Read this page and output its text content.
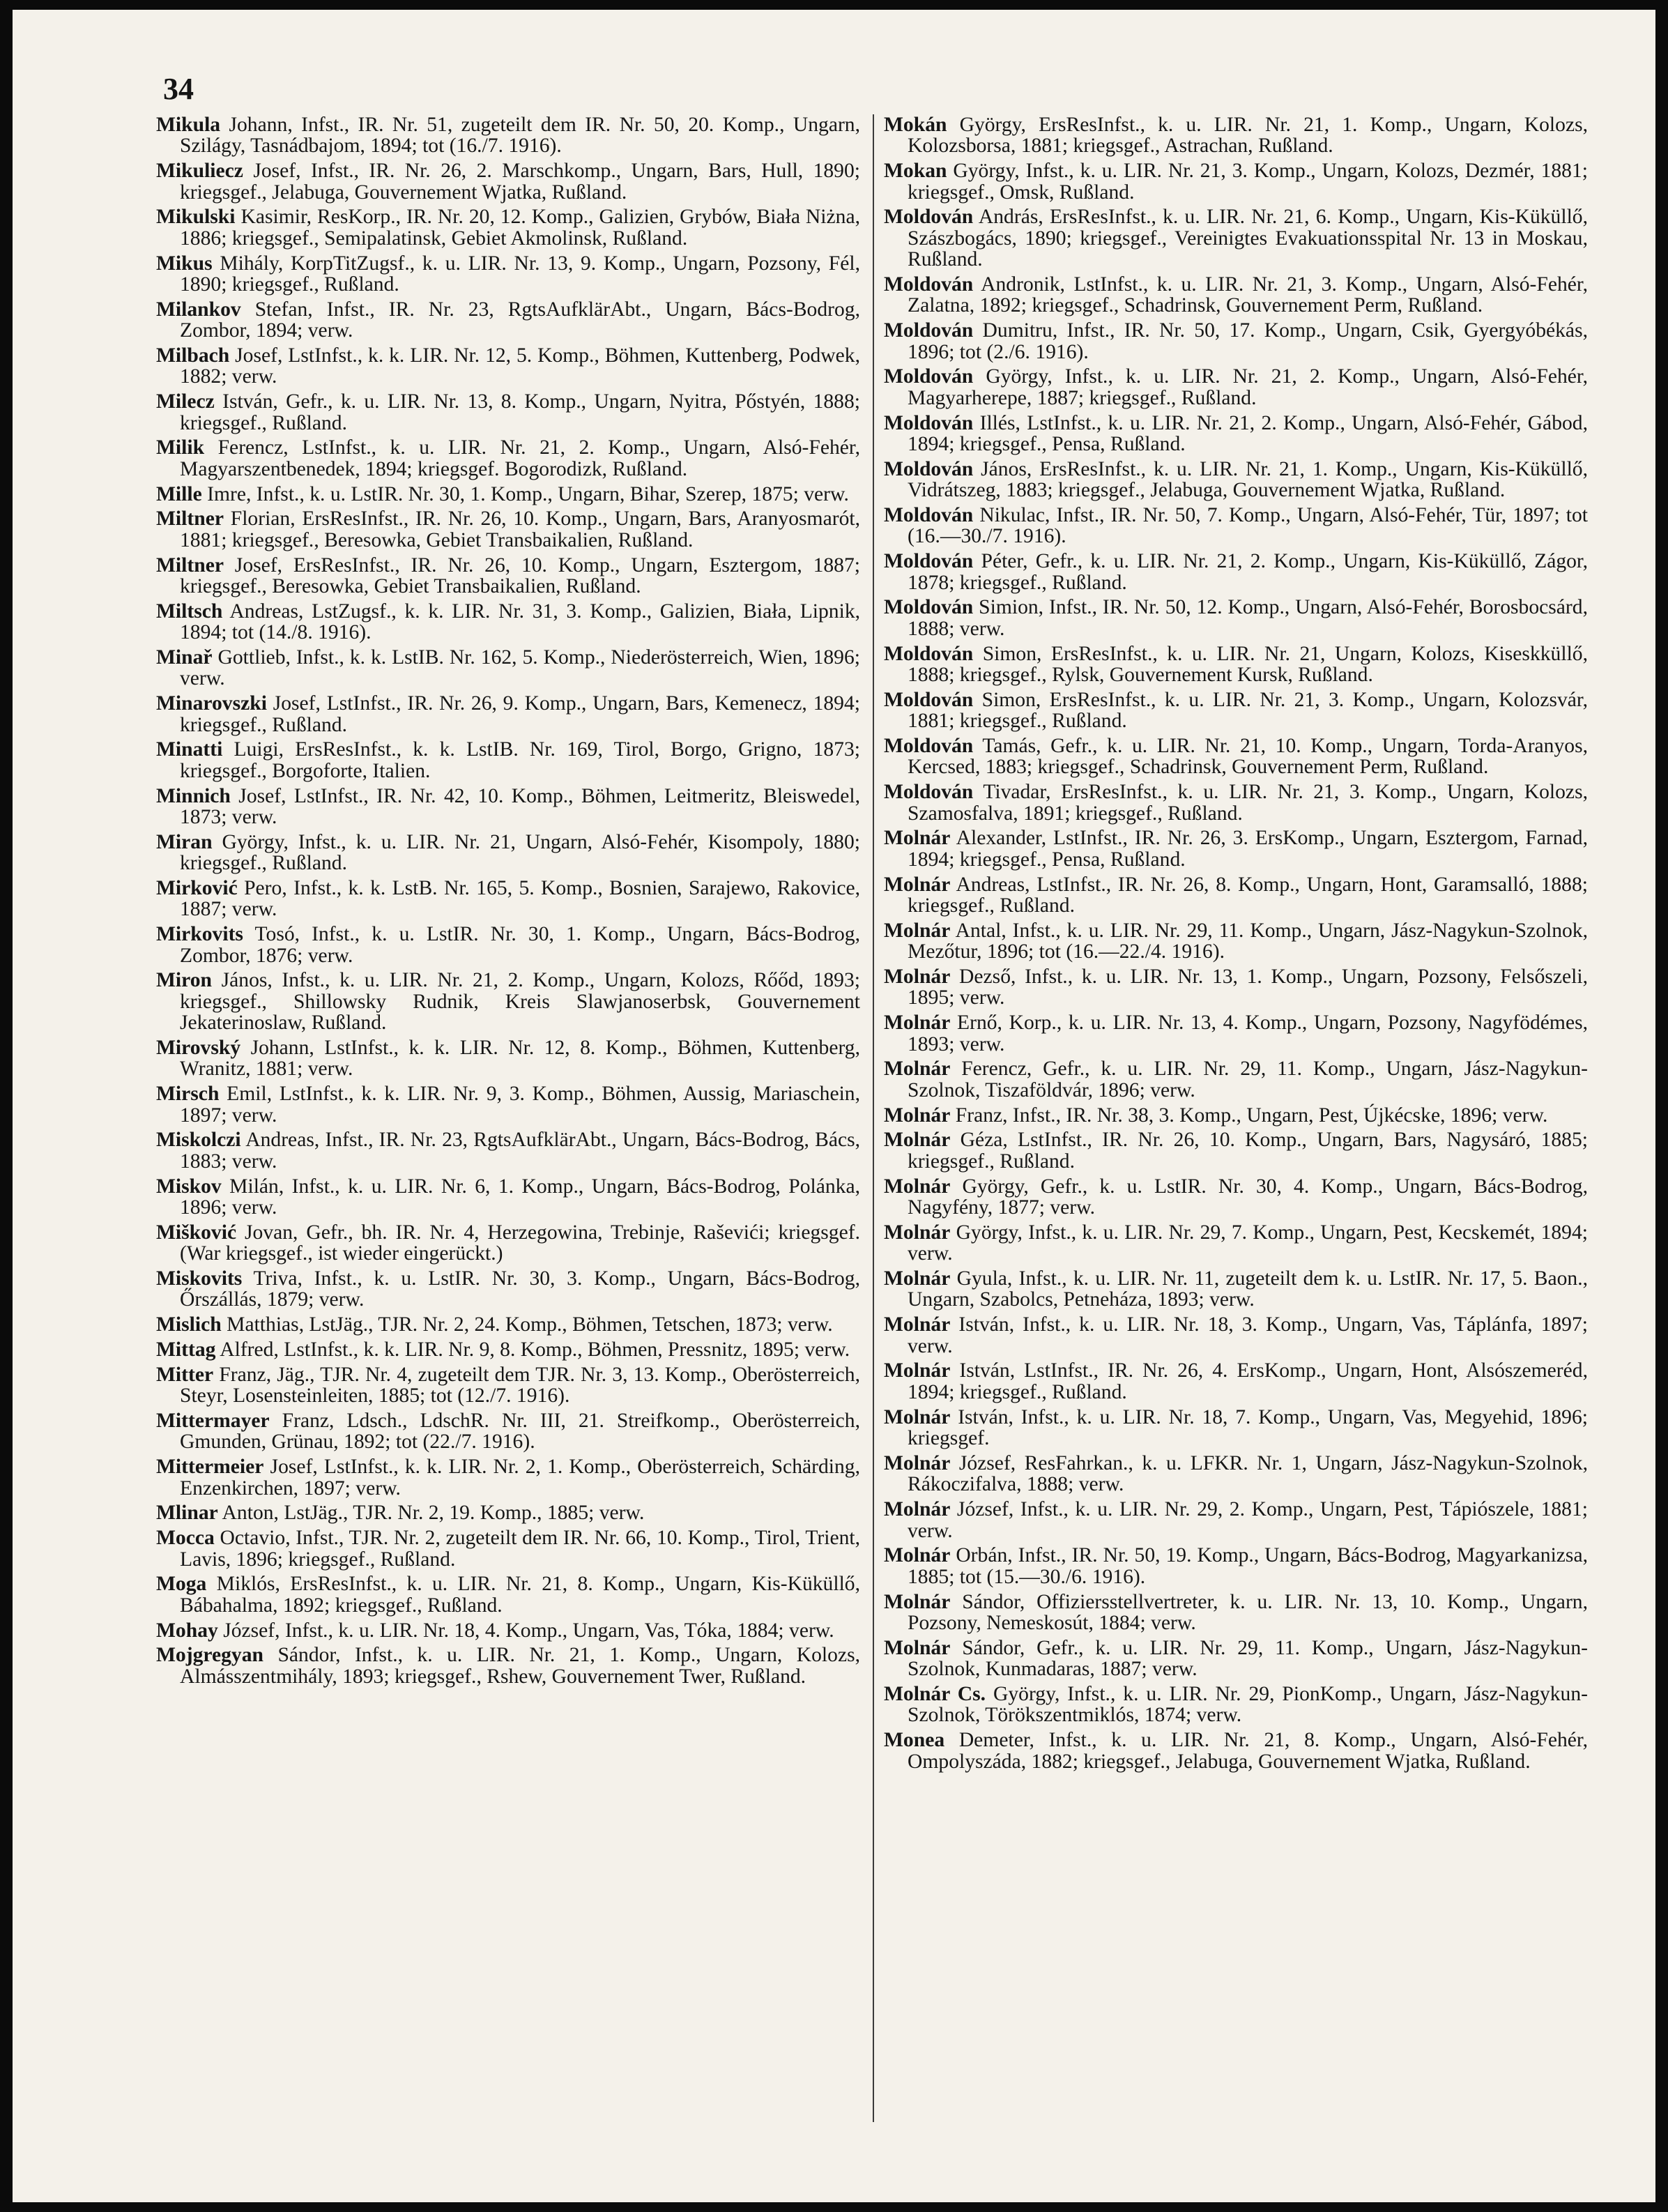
34

Mikula Johann, Infst., IR. Nr. 51, zugeteilt dem IR. Nr. 50, 20. Komp., Ungarn, Szilágy, Tasnádbajom, 1894; tot (16./7. 1916).

Mikuliecz Josef, Infst., IR. Nr. 26, 2. Marschkomp., Ungarn, Bars, Hull, 1890; kriegsgef., Jelabuga, Gouvernement Wjatka, Rußland.

Mikulski Kasimir, ResKorp., IR. Nr. 20, 12. Komp., Galizien, Grybów, Biała Niżna, 1886; kriegsgef., Semipalatinsk, Gebiet Akmolinsk, Rußland.

Mikus Mihály, KorpTitZugsf., k. u. LIR. Nr. 13, 9. Komp., Ungarn, Pozsony, Fél, 1890; kriegsgef., Rußland.

Milankov Stefan, Infst., IR. Nr. 23, RgtsAufklärAbt., Ungarn, Bács-Bodrog, Zombor, 1894; verw.

Milbach Josef, LstInfst., k. k. LIR. Nr. 12, 5. Komp., Böhmen, Kuttenberg, Podwek, 1882; verw.

Milecz István, Gefr., k. u. LIR. Nr. 13, 8. Komp., Ungarn, Nyitra, Pőstyén, 1888; kriegsgef., Rußland.

Milik Ferencz, LstInfst., k. u. LIR. Nr. 21, 2. Komp., Ungarn, Alsó-Fehér, Magyarszentbenedek, 1894; kriegsgef. Bogorodizk, Rußland.

Mille Imre, Infst., k. u. LstIR. Nr. 30, 1. Komp., Ungarn, Bihar, Szerep, 1875; verw.

Miltner Florian, ErsResInfst., IR. Nr. 26, 10. Komp., Ungarn, Bars, Aranyosmarót, 1881; kriegsgef., Beresowka, Gebiet Transbaikalien, Rußland.

Miltner Josef, ErsResInfst., IR. Nr. 26, 10. Komp., Ungarn, Esztergom, 1887; kriegsgef., Beresowka, Gebiet Transbaikalien, Rußland.

Miltsch Andreas, LstZugsf., k. k. LIR. Nr. 31, 3. Komp., Galizien, Biała, Lipnik, 1894; tot (14./8. 1916).

Minař Gottlieb, Infst., k. k. LstIB. Nr. 162, 5. Komp., Niederösterreich, Wien, 1896; verw.

Minarovszki Josef, LstInfst., IR. Nr. 26, 9. Komp., Ungarn, Bars, Kemenecz, 1894; kriegsgef., Rußland.

Minatti Luigi, ErsResInfst., k. k. LstIB. Nr. 169, Tirol, Borgo, Grigno, 1873; kriegsgef., Borgoforte, Italien.

Minnich Josef, LstInfst., IR. Nr. 42, 10. Komp., Böhmen, Leitmeritz, Bleiswedel, 1873; verw.

Miran György, Infst., k. u. LIR. Nr. 21, Ungarn, Alsó-Fehér, Kisompoly, 1880; kriegsgef., Rußland.

Mirković Pero, Infst., k. k. LstB. Nr. 165, 5. Komp., Bosnien, Sarajewo, Rakovice, 1887; verw.

Mirkovits Tosó, Infst., k. u. LstIR. Nr. 30, 1. Komp., Ungarn, Bács-Bodrog, Zombor, 1876; verw.

Miron János, Infst., k. u. LIR. Nr. 21, 2. Komp., Ungarn, Kolozs, Rőőd, 1893; kriegsgef., Shillowsky Rudnik, Kreis Slawjanoserbsk, Gouvernement Jekaterinoslaw, Rußland.

Mirovský Johann, LstInfst., k. k. LIR. Nr. 12, 8. Komp., Böhmen, Kuttenberg, Wranitz, 1881; verw.

Mirsch Emil, LstInfst., k. k. LIR. Nr. 9, 3. Komp., Böhmen, Aussig, Mariaschein, 1897; verw.

Miskolczi Andreas, Infst., IR. Nr. 23, RgtsAufklärAbt., Ungarn, Bács-Bodrog, Bács, 1883; verw.

Miskov Milán, Infst., k. u. LIR. Nr. 6, 1. Komp., Ungarn, Bács-Bodrog, Polánka, 1896; verw.

Mišković Jovan, Gefr., bh. IR. Nr. 4, Herzegowina, Trebinje, Raševići; kriegsgef. (War kriegsgef., ist wieder eingerückt.)

Miskovits Triva, Infst., k. u. LstIR. Nr. 30, 3. Komp., Ungarn, Bács-Bodrog, Őrszállás, 1879; verw.

Mislich Matthias, LstJäg., TJR. Nr. 2, 24. Komp., Böhmen, Tetschen, 1873; verw.

Mittag Alfred, LstInfst., k. k. LIR. Nr. 9, 8. Komp., Böhmen, Pressnitz, 1895; verw.

Mitter Franz, Jäg., TJR. Nr. 4, zugeteilt dem TJR. Nr. 3, 13. Komp., Oberösterreich, Steyr, Losensteinleiten, 1885; tot (12./7. 1916).

Mittermayer Franz, Ldsch., LdschR. Nr. III, 21. Streifkomp., Oberösterreich, Gmunden, Grünau, 1892; tot (22./7. 1916).

Mittermeier Josef, LstInfst., k. k. LIR. Nr. 2, 1. Komp., Oberösterreich, Schärding, Enzenkirchen, 1897; verw.

Mlinar Anton, LstJäg., TJR. Nr. 2, 19. Komp., 1885; verw.

Mocca Octavio, Infst., TJR. Nr. 2, zugeteilt dem IR. Nr. 66, 10. Komp., Tirol, Trient, Lavis, 1896; kriegsgef., Rußland.

Moga Miklós, ErsResInfst., k. u. LIR. Nr. 21, 8. Komp., Ungarn, Kis-Küküllő, Bábahalma, 1892; kriegsgef., Rußland.

Mohay József, Infst., k. u. LIR. Nr. 18, 4. Komp., Ungarn, Vas, Tóka, 1884; verw.

Mojgregyan Sándor, Infst., k. u. LIR. Nr. 21, 1. Komp., Ungarn, Kolozs, Almásszentmihály, 1893; kriegsgef., Rshew, Gouvernement Twer, Rußland.

Mokán György, ErsResInfst., k. u. LIR. Nr. 21, 1. Komp., Ungarn, Kolozs, Kolozsborsa, 1881; kriegsgef., Astrachan, Rußland.

Mokan György, Infst., k. u. LIR. Nr. 21, 3. Komp., Ungarn, Kolozs, Dezmér, 1881; kriegsgef., Omsk, Rußland.

Moldován András, ErsResInfst., k. u. LIR. Nr. 21, 6. Komp., Ungarn, Kis-Küküllő, Szászbogács, 1890; kriegsgef., Vereinigtes Evakuationsspital Nr. 13 in Moskau, Rußland.

Moldován Andronik, LstInfst., k. u. LIR. Nr. 21, 3. Komp., Ungarn, Alsó-Fehér, Zalatna, 1892; kriegsgef., Schadrinsk, Gouvernement Perm, Rußland.

Moldován Dumitru, Infst., IR. Nr. 50, 17. Komp., Ungarn, Csik, Gyergyóbékás, 1896; tot (2./6. 1916).

Moldován György, Infst., k. u. LIR. Nr. 21, 2. Komp., Ungarn, Alsó-Fehér, Magyarherepe, 1887; kriegsgef., Rußland.

Moldován Illés, LstInfst., k. u. LIR. Nr. 21, 2. Komp., Ungarn, Alsó-Fehér, Gábod, 1894; kriegsgef., Pensa, Rußland.

Moldován János, ErsResInfst., k. u. LIR. Nr. 21, 1. Komp., Ungarn, Kis-Küküllő, Vidrátszeg, 1883; kriegsgef., Jelabuga, Gouvernement Wjatka, Rußland.

Moldován Nikulac, Infst., IR. Nr. 50, 7. Komp., Ungarn, Alsó-Fehér, Tür, 1897; tot (16.—30./7. 1916).

Moldován Péter, Gefr., k. u. LIR. Nr. 21, 2. Komp., Ungarn, Kis-Küküllő, Zágor, 1878; kriegsgef., Rußland.

Moldován Simion, Infst., IR. Nr. 50, 12. Komp., Ungarn, Alsó-Fehér, Borosbocsárd, 1888; verw.

Moldován Simon, ErsResInfst., k. u. LIR. Nr. 21, Ungarn, Kolozs, Kiseskküllő, 1888; kriegsgef., Rylsk, Gouvernement Kursk, Rußland.

Moldován Simon, ErsResInfst., k. u. LIR. Nr. 21, 3. Komp., Ungarn, Kolozsvár, 1881; kriegsgef., Rußland.

Moldován Tamás, Gefr., k. u. LIR. Nr. 21, 10. Komp., Ungarn, Torda-Aranyos, Kercsed, 1883; kriegsgef., Schadrinsk, Gouvernement Perm, Rußland.

Moldován Tivadar, ErsResInfst., k. u. LIR. Nr. 21, 3. Komp., Ungarn, Kolozs, Szamosfalva, 1891; kriegsgef., Rußland.

Molnár Alexander, LstInfst., IR. Nr. 26, 3. ErsKomp., Ungarn, Esztergom, Farnad, 1894; kriegsgef., Pensa, Rußland.

Molnár Andreas, LstInfst., IR. Nr. 26, 8. Komp., Ungarn, Hont, Garamsalló, 1888; kriegsgef., Rußland.

Molnár Antal, Infst., k. u. LIR. Nr. 29, 11. Komp., Ungarn, Jász-Nagykun-Szolnok, Mezőtur, 1896; tot (16.—22./4. 1916).

Molnár Dezső, Infst., k. u. LIR. Nr. 13, 1. Komp., Ungarn, Pozsony, Felsőszeli, 1895; verw.

Molnár Ernő, Korp., k. u. LIR. Nr. 13, 4. Komp., Ungarn, Pozsony, Nagyfödémes, 1893; verw.

Molnár Ferencz, Gefr., k. u. LIR. Nr. 29, 11. Komp., Ungarn, Jász-Nagykun-Szolnok, Tiszaföldvár, 1896; verw.

Molnár Franz, Infst., IR. Nr. 38, 3. Komp., Ungarn, Pest, Újkécske, 1896; verw.

Molnár Géza, LstInfst., IR. Nr. 26, 10. Komp., Ungarn, Bars, Nagysáró, 1885; kriegsgef., Rußland.

Molnár György, Gefr., k. u. LstIR. Nr. 30, 4. Komp., Ungarn, Bács-Bodrog, Nagyfény, 1877; verw.

Molnár György, Infst., k. u. LIR. Nr. 29, 7. Komp., Ungarn, Pest, Kecskemét, 1894; verw.

Molnár Gyula, Infst., k. u. LIR. Nr. 11, zugeteilt dem k. u. LstIR. Nr. 17, 5. Baon., Ungarn, Szabolcs, Petneháza, 1893; verw.

Molnár István, Infst., k. u. LIR. Nr. 18, 3. Komp., Ungarn, Vas, Táplánfa, 1897; verw.

Molnár István, LstInfst., IR. Nr. 26, 4. ErsKomp., Ungarn, Hont, Alsószemeréd, 1894; kriegsgef., Rußland.

Molnár István, Infst., k. u. LIR. Nr. 18, 7. Komp., Ungarn, Vas, Megyehid, 1896; kriegsgef.

Molnár József, ResFahrkan., k. u. LFKR. Nr. 1, Ungarn, Jász-Nagykun-Szolnok, Rákoczifalva, 1888; verw.

Molnár József, Infst., k. u. LIR. Nr. 29, 2. Komp., Ungarn, Pest, Tápiószele, 1881; verw.

Molnár Orbán, Infst., IR. Nr. 50, 19. Komp., Ungarn, Bács-Bodrog, Magyarkanizsa, 1885; tot (15.—30./6. 1916).

Molnár Sándor, Offiziersstellvertreter, k. u. LIR. Nr. 13, 10. Komp., Ungarn, Pozsony, Nemeskosút, 1884; verw.

Molnár Sándor, Gefr., k. u. LIR. Nr. 29, 11. Komp., Ungarn, Jász-Nagykun-Szolnok, Kunmadaras, 1887; verw.

Molnár Cs. György, Infst., k. u. LIR. Nr. 29, PionKomp., Ungarn, Jász-Nagykun-Szolnok, Törökszentmiklós, 1874; verw.

Monea Demeter, Infst., k. u. LIR. Nr. 21, 8. Komp., Ungarn, Alsó-Fehér, Ompolyszáda, 1882; kriegsgef., Jelabuga, Gouvernement Wjatka, Rußland.
